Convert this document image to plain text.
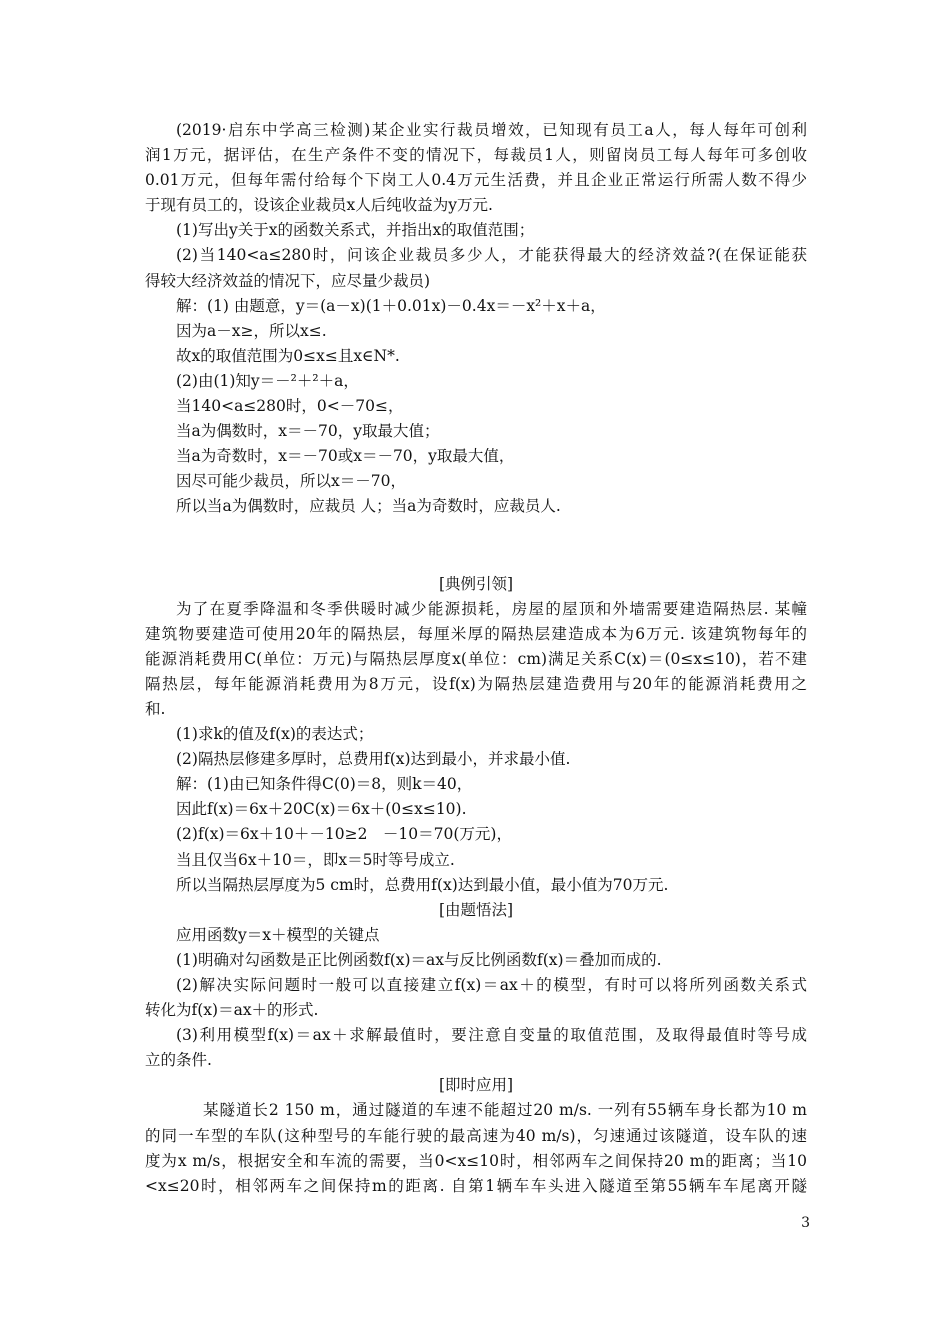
(2019·启东中学高三检测)某企业实行裁员增效，已知现有员工a人，每人每年可创利
润1万元，据评估，在生产条件不变的情况下，每裁员1人，则留岗员工每人每年可多创收
0.01万元，但每年需付给每个下岗工人0.4万元生活费，并且企业正常运行所需人数不得少
于现有员工的，设该企业裁员x人后纯收益为y万元.
(1)写出y关于x的函数关系式，并指出x的取值范围；
(2)当140<a≤280时，问该企业裁员多少人，才能获得最大的经济效益?(在保证能获
得较大经济效益的情况下，应尽量少裁员)
解：(1) 由题意，y＝(a－x)(1＋0.01x)－0.4x＝－x²＋x＋a，
因为a－x≥，所以x≤.
故x的取值范围为0≤x≤且x∈N*.
(2)由(1)知y＝－²＋²＋a，
当140<a≤280时，0<－70≤，
当a为偶数时，x＝－70，y取最大值；
当a为奇数时，x＝－70或x＝－70，y取最大值，
因尽可能少裁员，所以x＝－70，
所以当a为偶数时，应裁员 人；当a为奇数时，应裁员人.
[典例引领]
为了在夏季降温和冬季供暖时减少能源损耗，房屋的屋顶和外墙需要建造隔热层. 某幢
建筑物要建造可使用20年的隔热层，每厘米厚的隔热层建造成本为6万元. 该建筑物每年的
能源消耗费用C(单位：万元)与隔热层厚度x(单位：cm)满足关系C(x)＝(0≤x≤10)，若不建
隔热层，每年能源消耗费用为8万元，设f(x)为隔热层建造费用与20年的能源消耗费用之
和.
(1)求k的值及f(x)的表达式；
(2)隔热层修建多厚时，总费用f(x)达到最小，并求最小值.
解：(1)由已知条件得C(0)＝8，则k＝40，
因此f(x)＝6x＋20C(x)＝6x＋(0≤x≤10).
(2)f(x)＝6x＋10＋－10≥2　－10＝70(万元)，
当且仅当6x＋10＝，即x＝5时等号成立.
所以当隔热层厚度为5 cm时，总费用f(x)达到最小值，最小值为70万元.
[由题悟法]
应用函数y＝x＋模型的关键点
(1)明确对勾函数是正比例函数f(x)＝ax与反比例函数f(x)＝叠加而成的.
(2)解决实际问题时一般可以直接建立f(x)＝ax＋的模型，有时可以将所列函数关系式
转化为f(x)＝ax＋的形式.
(3)利用模型f(x)＝ax＋求解最值时，要注意自变量的取值范围，及取得最值时等号成
立的条件.
[即时应用]
某隧道长2 150 m，通过隧道的车速不能超过20 m/s. 一列有55辆车身长都为10 m
的同一车型的车队(这种型号的车能行驶的最高速为40 m/s)，匀速通过该隧道，设车队的速
度为x m/s，根据安全和车流的需要，当0<x≤10时，相邻两车之间保持20 m的距离；当10
<x≤20时，相邻两车之间保持m的距离. 自第1辆车车头进入隧道至第55辆车车尾离开隧
3
